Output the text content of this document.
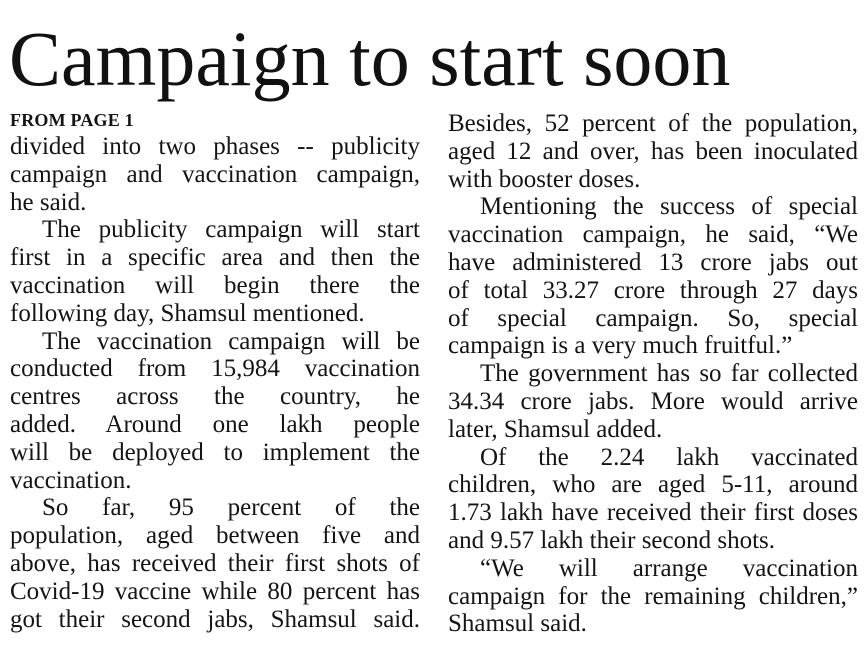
Campaign to start soon
FROM PAGE 1
divided into two phases -- publicity
campaign and vaccination campaign,
he said.
The publicity campaign will start
first in a specific area and then the
vaccination will begin there the
following day, Shamsul mentioned.
The vaccination campaign will be
conducted from 15,984 vaccination
centres across the country, he
added. Around one lakh people
will be deployed to implement the
vaccination.
So far, 95 percent of the
population, aged between five and
above, has received their first shots of
Covid-19 vaccine while 80 percent has
got their second jabs, Shamsul said.
Besides, 52 percent of the population,
aged 12 and over, has been inoculated
with booster doses.
Mentioning the success of special
vaccination campaign, he said, “We
have administered 13 crore jabs out
of total 33.27 crore through 27 days
of special campaign. So, special
campaign is a very much fruitful.”
The government has so far collected
34.34 crore jabs. More would arrive
later, Shamsul added.
Of the 2.24 lakh vaccinated
children, who are aged 5-11, around
1.73 lakh have received their first doses
and 9.57 lakh their second shots.
“We will arrange vaccination
campaign for the remaining children,”
Shamsul said.
